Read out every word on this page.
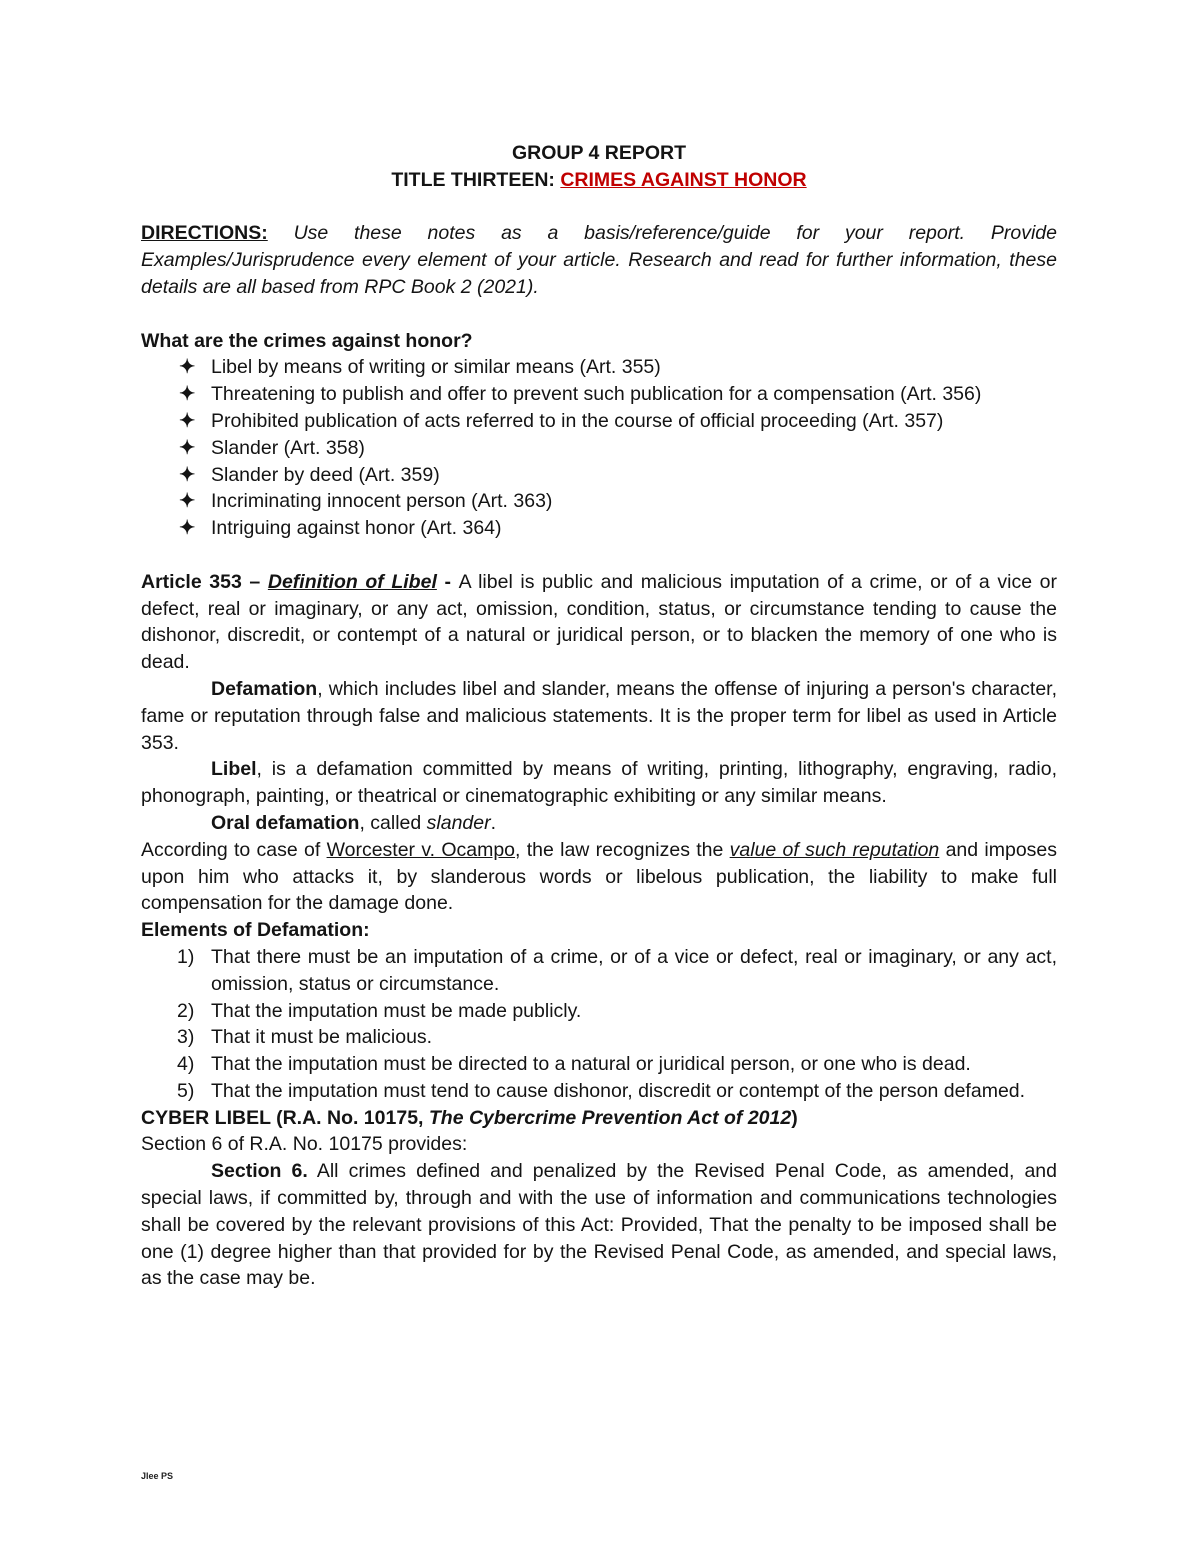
GROUP 4 REPORT
TITLE THIRTEEN: CRIMES AGAINST HONOR
DIRECTIONS: Use these notes as a basis/reference/guide for your report. Provide Examples/Jurisprudence every element of your article. Research and read for further information, these details are all based from RPC Book 2 (2021).
What are the crimes against honor?
✦ Libel by means of writing or similar means (Art. 355)
✦ Threatening to publish and offer to prevent such publication for a compensation (Art. 356)
✦ Prohibited publication of acts referred to in the course of official proceeding (Art. 357)
✦ Slander (Art. 358)
✦ Slander by deed (Art. 359)
✦ Incriminating innocent person (Art. 363)
✦ Intriguing against honor (Art. 364)
Article 353 – Definition of Libel - A libel is public and malicious imputation of a crime, or of a vice or defect, real or imaginary, or any act, omission, condition, status, or circumstance tending to cause the dishonor, discredit, or contempt of a natural or juridical person, or to blacken the memory of one who is dead.
Defamation, which includes libel and slander, means the offense of injuring a person's character, fame or reputation through false and malicious statements. It is the proper term for libel as used in Article 353.
Libel, is a defamation committed by means of writing, printing, lithography, engraving, radio, phonograph, painting, or theatrical or cinematographic exhibiting or any similar means.
Oral defamation, called slander.
According to case of Worcester v. Ocampo, the law recognizes the value of such reputation and imposes upon him who attacks it, by slanderous words or libelous publication, the liability to make full compensation for the damage done.
Elements of Defamation:
1) That there must be an imputation of a crime, or of a vice or defect, real or imaginary, or any act, omission, status or circumstance.
2) That the imputation must be made publicly.
3) That it must be malicious.
4) That the imputation must be directed to a natural or juridical person, or one who is dead.
5) That the imputation must tend to cause dishonor, discredit or contempt of the person defamed.
CYBER LIBEL (R.A. No. 10175, The Cybercrime Prevention Act of 2012)
Section 6 of R.A. No. 10175 provides:
Section 6. All crimes defined and penalized by the Revised Penal Code, as amended, and special laws, if committed by, through and with the use of information and communications technologies shall be covered by the relevant provisions of this Act: Provided, That the penalty to be imposed shall be one (1) degree higher than that provided for by the Revised Penal Code, as amended, and special laws, as the case may be.
Jlee PS
